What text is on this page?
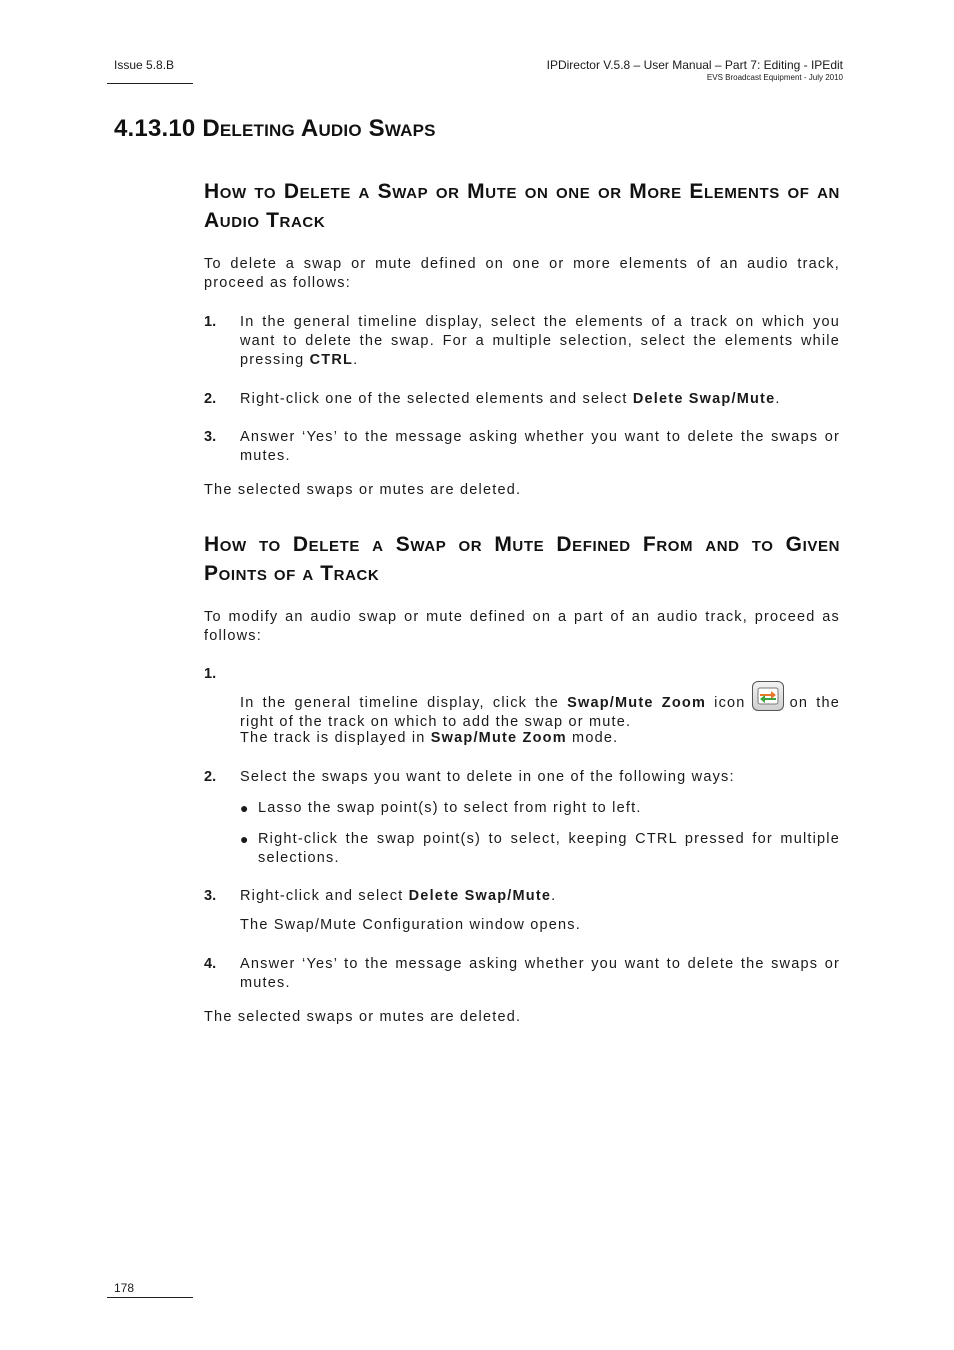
Issue 5.8.B	IPDirector V.5.8 – User Manual – Part 7: Editing - IPEdit
EVS Broadcast Equipment - July 2010
4.13.10 Deleting Audio Swaps
How to Delete a Swap or Mute on one or More Elements of an Audio Track
To delete a swap or mute defined on one or more elements of an audio track, proceed as follows:
1. In the general timeline display, select the elements of a track on which you want to delete the swap. For a multiple selection, select the elements while pressing CTRL.
2. Right-click one of the selected elements and select Delete Swap/Mute.
3. Answer ‘Yes’ to the message asking whether you want to delete the swaps or mutes.
The selected swaps or mutes are deleted.
How to Delete a Swap or Mute Defined From and to Given Points of a Track
To modify an audio swap or mute defined on a part of an audio track, proceed as follows:
1.
In the general timeline display, click the Swap/Mute Zoom icon	on the right of the track on which to add the swap or mute.
The track is displayed in Swap/Mute Zoom mode.
2. Select the swaps you want to delete in one of the following ways:
● Lasso the swap point(s) to select from right to left.
● Right-click the swap point(s) to select, keeping CTRL pressed for multiple selections.
3. Right-click and select Delete Swap/Mute.
The Swap/Mute Configuration window opens.
4. Answer ‘Yes’ to the message asking whether you want to delete the swaps or mutes.
The selected swaps or mutes are deleted.
178
